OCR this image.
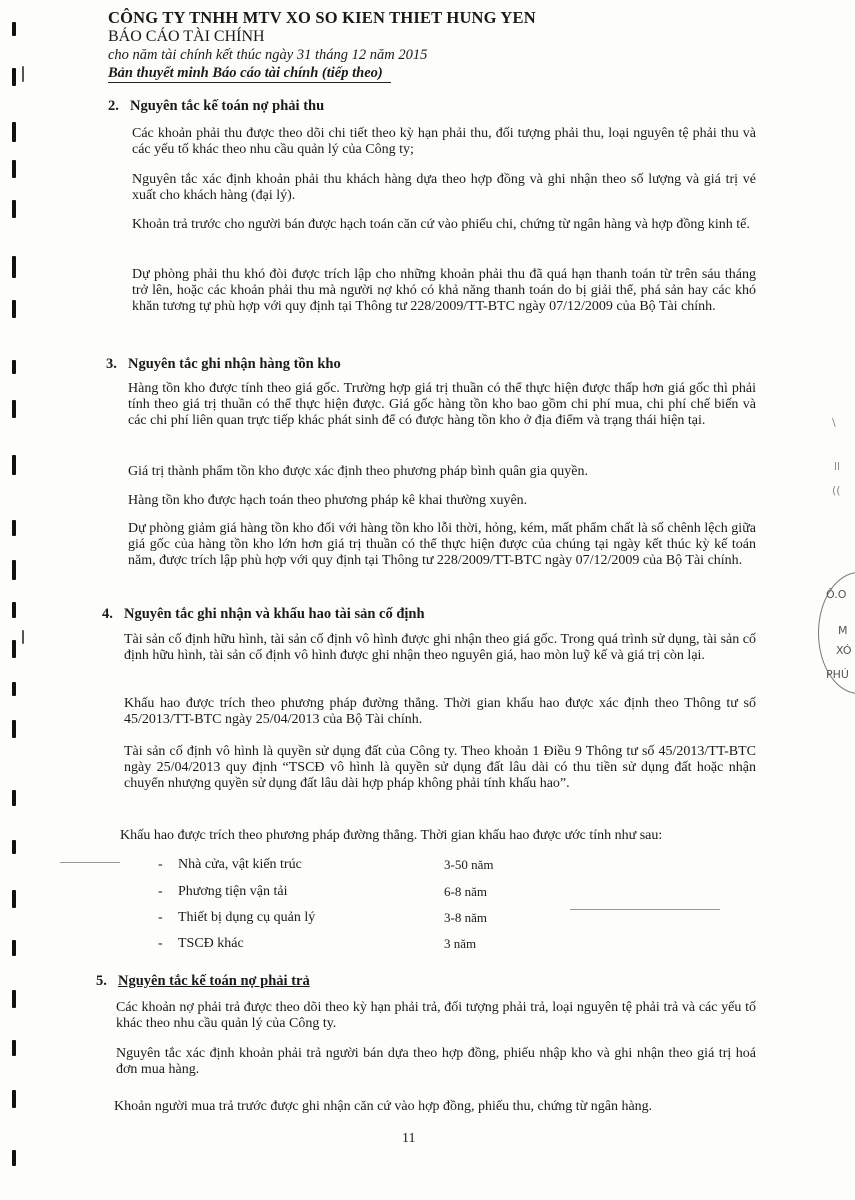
CÔNG TY TNHH MTV XO SO KIEN THIET HUNG YEN
BÁO CÁO TÀI CHÍNH
cho năm tài chính kết thúc ngày 31 tháng 12 năm 2015
Bản thuyết minh Báo cáo tài chính (tiếp theo)
2. Nguyên tắc kế toán nợ phải thu
Các khoản phải thu được theo dõi chi tiết theo kỳ hạn phải thu, đối tượng phải thu, loại nguyên tệ phải thu và các yếu tố khác theo nhu cầu quản lý của Công ty;
Nguyên tắc xác định khoản phải thu khách hàng dựa theo hợp đồng và ghi nhận theo số lượng và giá trị vé xuất cho khách hàng (đại lý).
Khoản trả trước cho người bán được hạch toán căn cứ vào phiếu chi, chứng từ ngân hàng và hợp đồng kinh tế.
Dự phòng phải thu khó đòi được trích lập cho những khoản phải thu đã quá hạn thanh toán từ trên sáu tháng trở lên, hoặc các khoản phải thu mà người nợ khó có khả năng thanh toán do bị giải thể, phá sản hay các khó khăn tương tự phù hợp với quy định tại Thông tư 228/2009/TT-BTC ngày 07/12/2009 của Bộ Tài chính.
3. Nguyên tắc ghi nhận hàng tồn kho
Hàng tồn kho được tính theo giá gốc. Trường hợp giá trị thuần có thể thực hiện được thấp hơn giá gốc thì phải tính theo giá trị thuần có thể thực hiện được. Giá gốc hàng tồn kho bao gồm chi phí mua, chi phí chế biến và các chi phí liên quan trực tiếp khác phát sinh để có được hàng tồn kho ở địa điểm và trạng thái hiện tại.
Giá trị thành phẩm tồn kho được xác định theo phương pháp bình quân gia quyền.
Hàng tồn kho được hạch toán theo phương pháp kê khai thường xuyên.
Dự phòng giảm giá hàng tồn kho đối với hàng tồn kho lỗi thời, hỏng, kém, mất phẩm chất là số chênh lệch giữa giá gốc của hàng tồn kho lớn hơn giá trị thuần có thể thực hiện được của chúng tại ngày kết thúc kỳ kế toán năm, được trích lập phù hợp với quy định tại Thông tư 228/2009/TT-BTC ngày 07/12/2009 của Bộ Tài chính.
4. Nguyên tắc ghi nhận và khấu hao tài sản cố định
Tài sản cố định hữu hình, tài sản cố định vô hình được ghi nhận theo giá gốc. Trong quá trình sử dụng, tài sản cố định hữu hình, tài sản cố định vô hình được ghi nhận theo nguyên giá, hao mòn luỹ kế và giá trị còn lại.
Khấu hao được trích theo phương pháp đường thẳng. Thời gian khấu hao được xác định theo Thông tư số 45/2013/TT-BTC ngày 25/04/2013 của Bộ Tài chính.
Tài sản cố định vô hình là quyền sử dụng đất của Công ty. Theo khoản 1 Điều 9 Thông tư số 45/2013/TT-BTC ngày 25/04/2013 quy định “TSCĐ vô hình là quyền sử dụng đất lâu dài có thu tiền sử dụng đất hoặc nhận chuyển nhượng quyền sử dụng đất lâu dài hợp pháp không phải tính khấu hao”.
Khấu hao được trích theo phương pháp đường thẳng. Thời gian khấu hao được ước tính như sau:
- Nhà cửa, vật kiến trúc	3-50 năm
- Phương tiện vận tải	6-8 năm
- Thiết bị dụng cụ quản lý	3-8 năm
- TSCĐ khác	3 năm
5. Nguyên tắc kế toán nợ phải trả
Các khoản nợ phải trả được theo dõi theo kỳ hạn phải trả, đối tượng phải trả, loại nguyên tệ phải trả và các yếu tố khác theo nhu cầu quản lý của Công ty.
Nguyên tắc xác định khoản phải trả người bán dựa theo hợp đồng, phiếu nhập kho và ghi nhận theo giá trị hoá đơn mua hàng.
Khoản người mua trả trước được ghi nhận căn cứ vào hợp đồng, phiếu thu, chứng từ ngân hàng.
11
Ô.O
M
XÓ
PHÚ
\
ll
((
